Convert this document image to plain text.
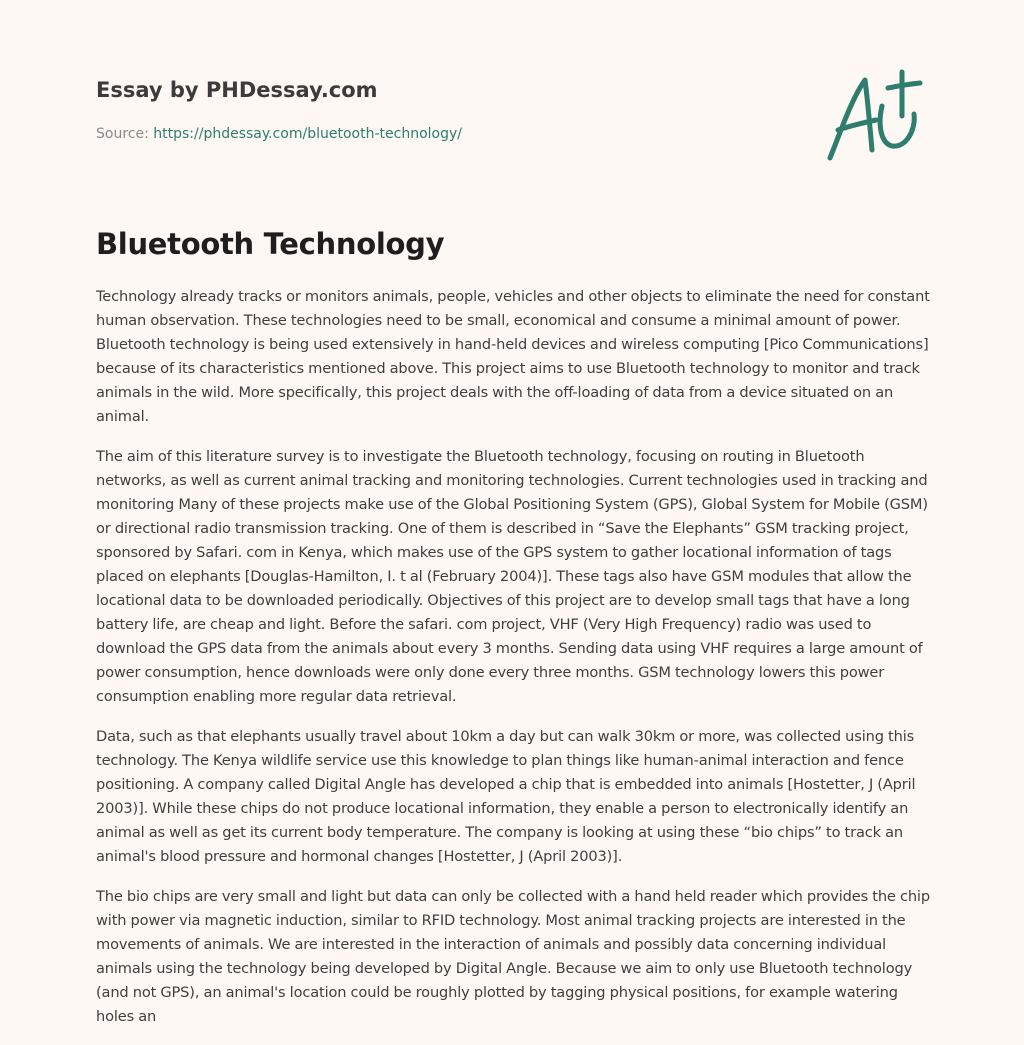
Essay by PHDessay.com
Source: https://phdessay.com/bluetooth-technology/
Bluetooth Technology

Technology already tracks or monitors animals, people, vehicles and other objects to eliminate the need for constant human observation. These technologies need to be small, economical and consume a minimal amount of power. Bluetooth technology is being used extensively in hand-held devices and wireless computing [Pico Communications] because of its characteristics mentioned above. This project aims to use Bluetooth technology to monitor and track animals in the wild. More specifically, this project deals with the off-loading of data from a device situated on an animal.

The aim of this literature survey is to investigate the Bluetooth technology, focusing on routing in Bluetooth networks, as well as current animal tracking and monitoring technologies. Current technologies used in tracking and monitoring Many of these projects make use of the Global Positioning System (GPS), Global System for Mobile (GSM) or directional radio transmission tracking. One of them is described in “Save the Elephants” GSM tracking project, sponsored by Safari. com in Kenya, which makes use of the GPS system to gather locational information of tags placed on elephants [Douglas-Hamilton, I. t al (February 2004)]. These tags also have GSM modules that allow the locational data to be downloaded periodically. Objectives of this project are to develop small tags that have a long battery life, are cheap and light. Before the safari. com project, VHF (Very High Frequency) radio was used to download the GPS data from the animals about every 3 months. Sending data using VHF requires a large amount of power consumption, hence downloads were only done every three months. GSM technology lowers this power consumption enabling more regular data retrieval.

Data, such as that elephants usually travel about 10km a day but can walk 30km or more, was collected using this technology. The Kenya wildlife service use this knowledge to plan things like human-animal interaction and fence positioning. A company called Digital Angle has developed a chip that is embedded into animals [Hostetter, J (April 2003)]. While these chips do not produce locational information, they enable a person to electronically identify an animal as well as get its current body temperature. The company is looking at using these “bio chips” to track an animal's blood pressure and hormonal changes [Hostetter, J (April 2003)].

The bio chips are very small and light but data can only be collected with a hand held reader which provides the chip with power via magnetic induction, similar to RFID technology. Most animal tracking projects are interested in the movements of animals. We are interested in the interaction of animals and possibly data concerning individual animals using the technology being developed by Digital Angle. Because we aim to only use Bluetooth technology (and not GPS), an animal's location could be roughly plotted by tagging physical positions, for example watering holes an
